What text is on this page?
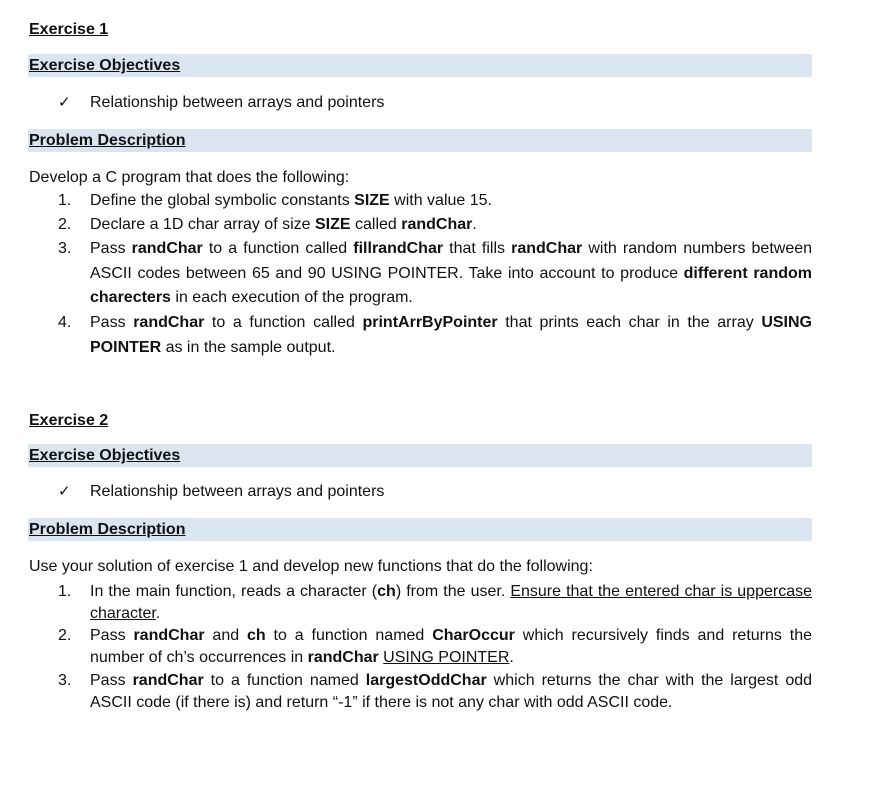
Exercise 1
Exercise Objectives
✓ Relationship between arrays and pointers
Problem Description
Develop a C program that does the following:
1. Define the global symbolic constants SIZE with value 15.
2. Declare a 1D char array of size SIZE called randChar.
3. Pass randChar to a function called fillrandChar that fills randChar with random numbers between ASCII codes between 65 and 90 USING POINTER. Take into account to produce different random charecters in each execution of the program.
4. Pass randChar to a function called printArrByPointer that prints each char in the array USING POINTER as in the sample output.
Exercise 2
Exercise Objectives
✓ Relationship between arrays and pointers
Problem Description
Use your solution of exercise 1 and develop new functions that do the following:
1. In the main function, reads a character (ch) from the user. Ensure that the entered char is uppercase character.
2. Pass randChar and ch to a function named CharOccur which recursively finds and returns the number of ch’s occurrences in randChar USING POINTER.
3. Pass randChar to a function named largestOddChar which returns the char with the largest odd ASCII code (if there is) and return “-1” if there is not any char with odd ASCII code.
